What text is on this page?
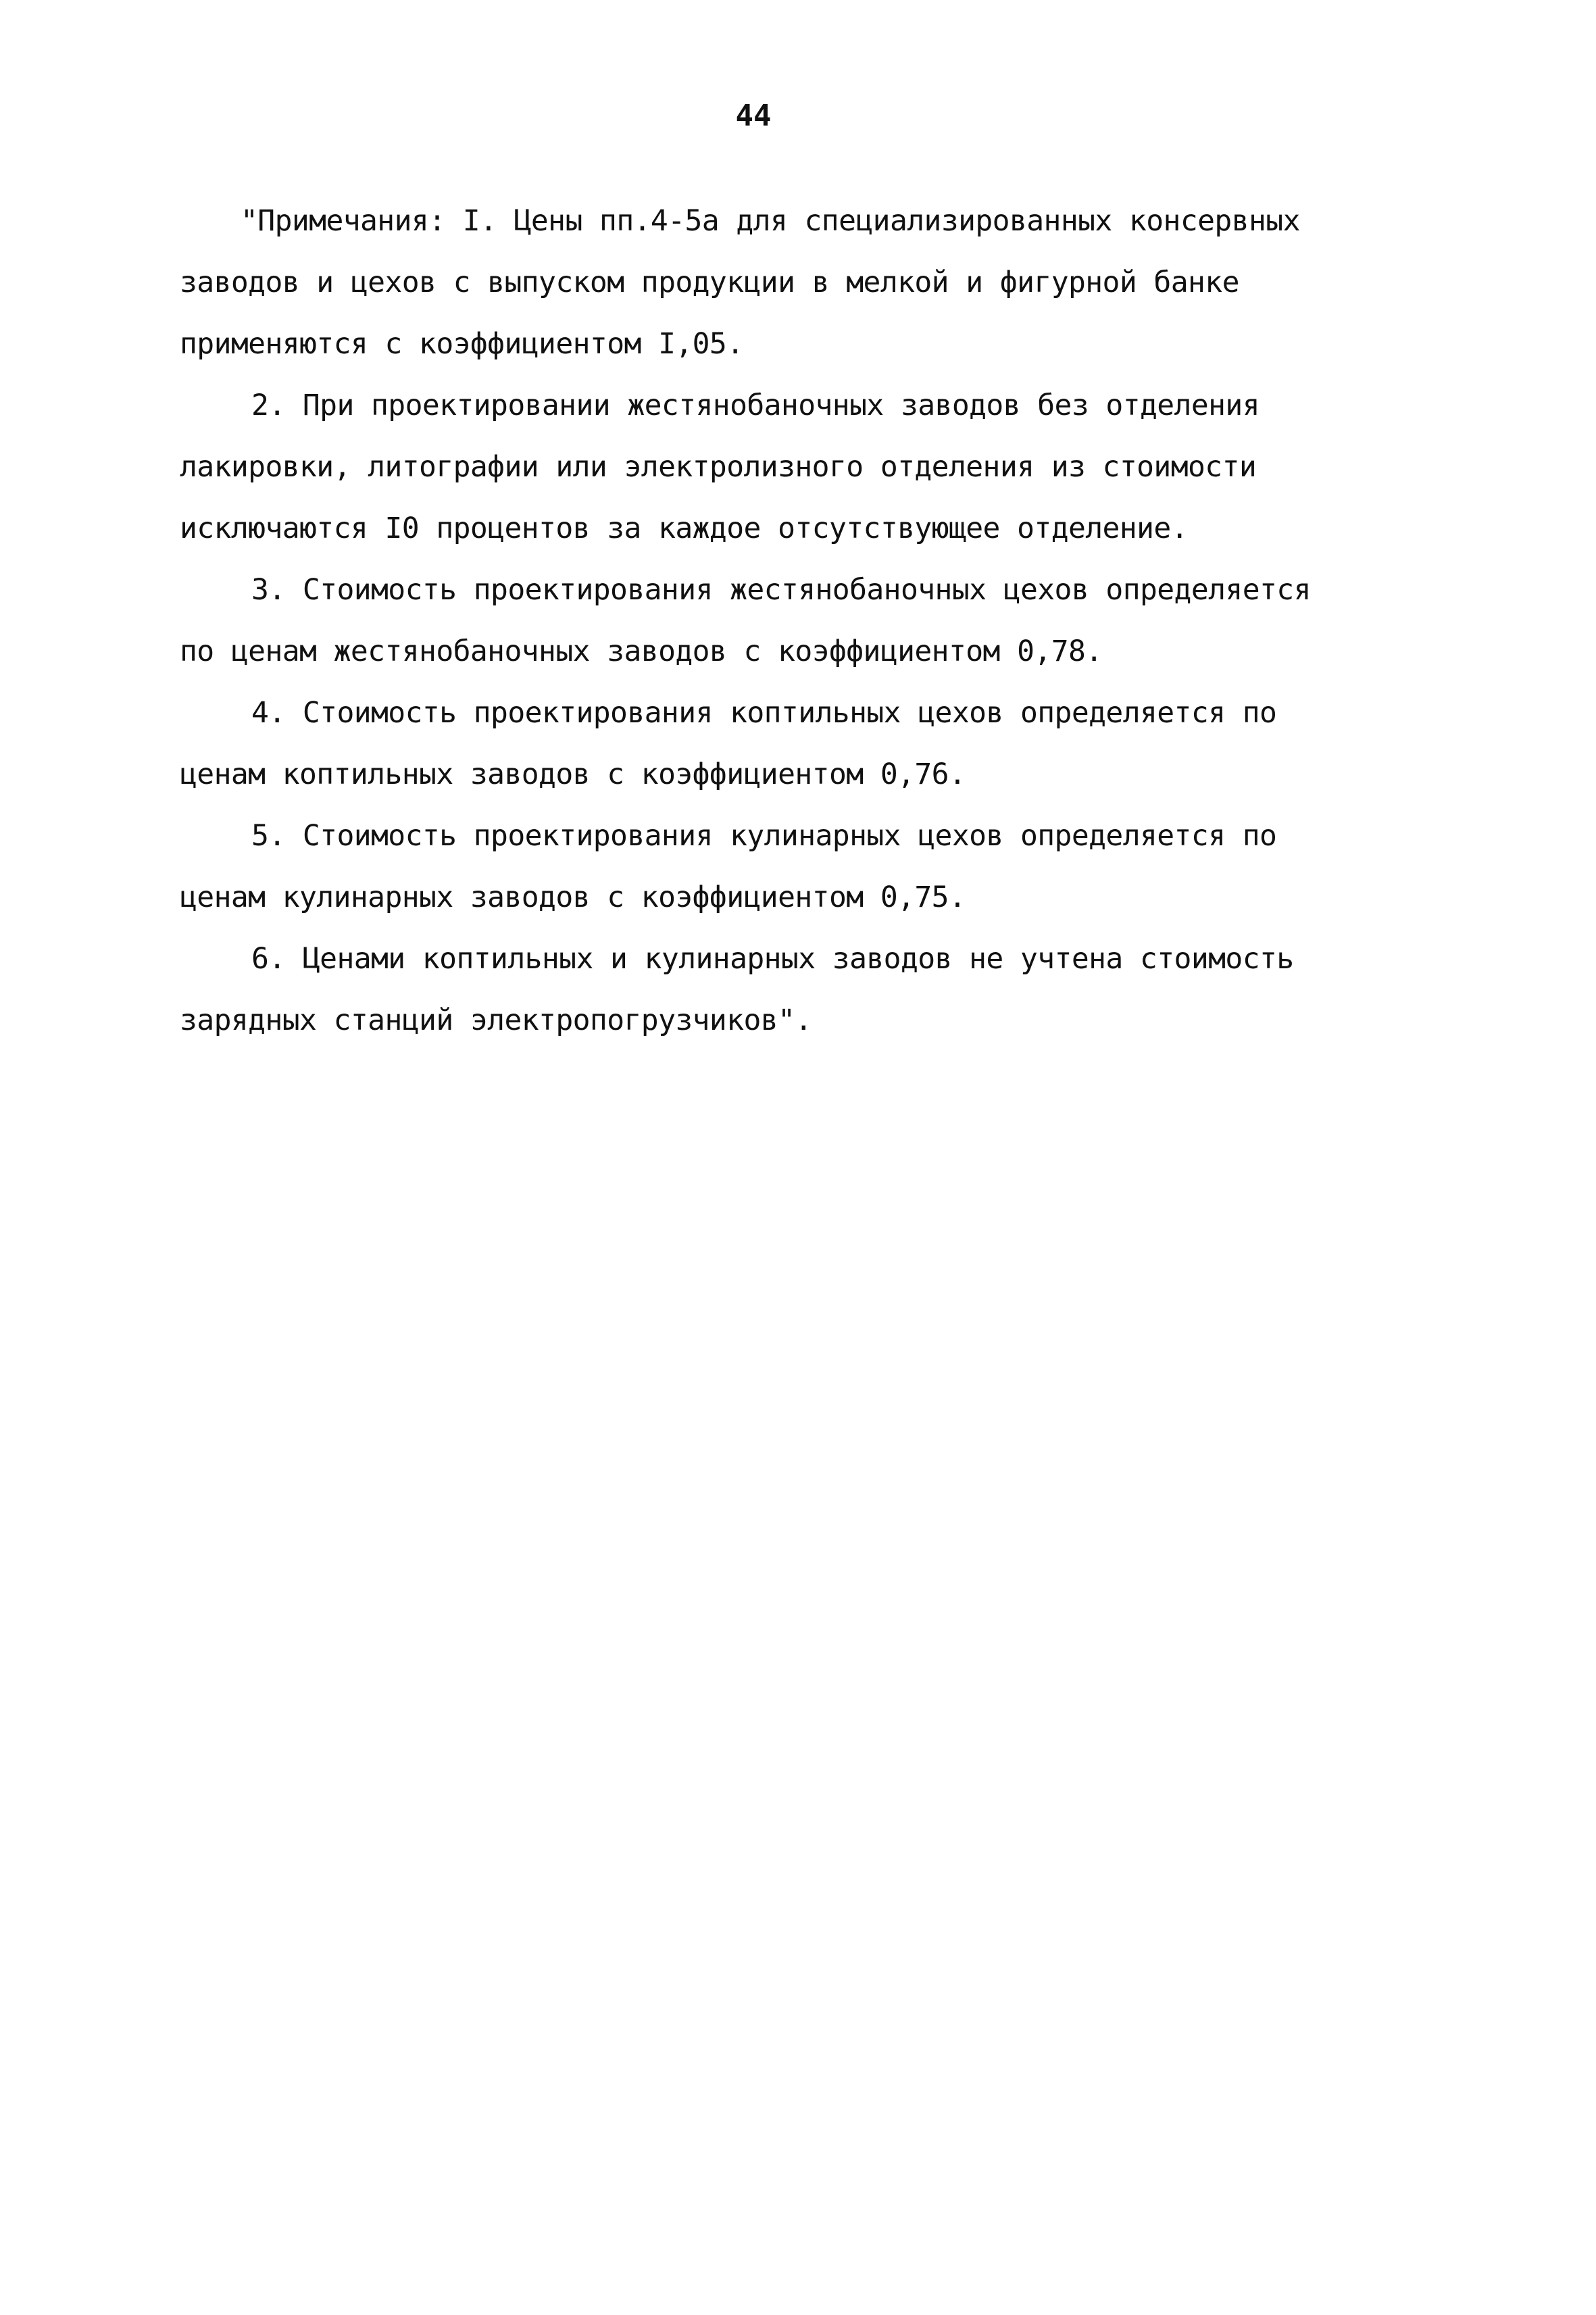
44
"Примечания: I. Цены пп.4-5а для специализированных консервных
заводов и цехов с выпуском продукции в мелкой и фигурной банке
применяются с коэффициентом I,05.
2. При проектировании жестянобаночных заводов без отделения
лакировки, литографии или электролизного отделения из стоимости
исключаются I0 процентов за каждое отсутствующее отделение.
3. Стоимость проектирования жестянобаночных цехов определяется
по ценам жестянобаночных заводов с коэффициентом 0,78.
4. Стоимость проектирования коптильных цехов определяется по
ценам коптильных заводов с коэффициентом 0,76.
5. Стоимость проектирования кулинарных цехов определяется по
ценам кулинарных заводов с коэффициентом 0,75.
6. Ценами коптильных и кулинарных заводов не учтена стоимость
зарядных станций электропогрузчиков".
